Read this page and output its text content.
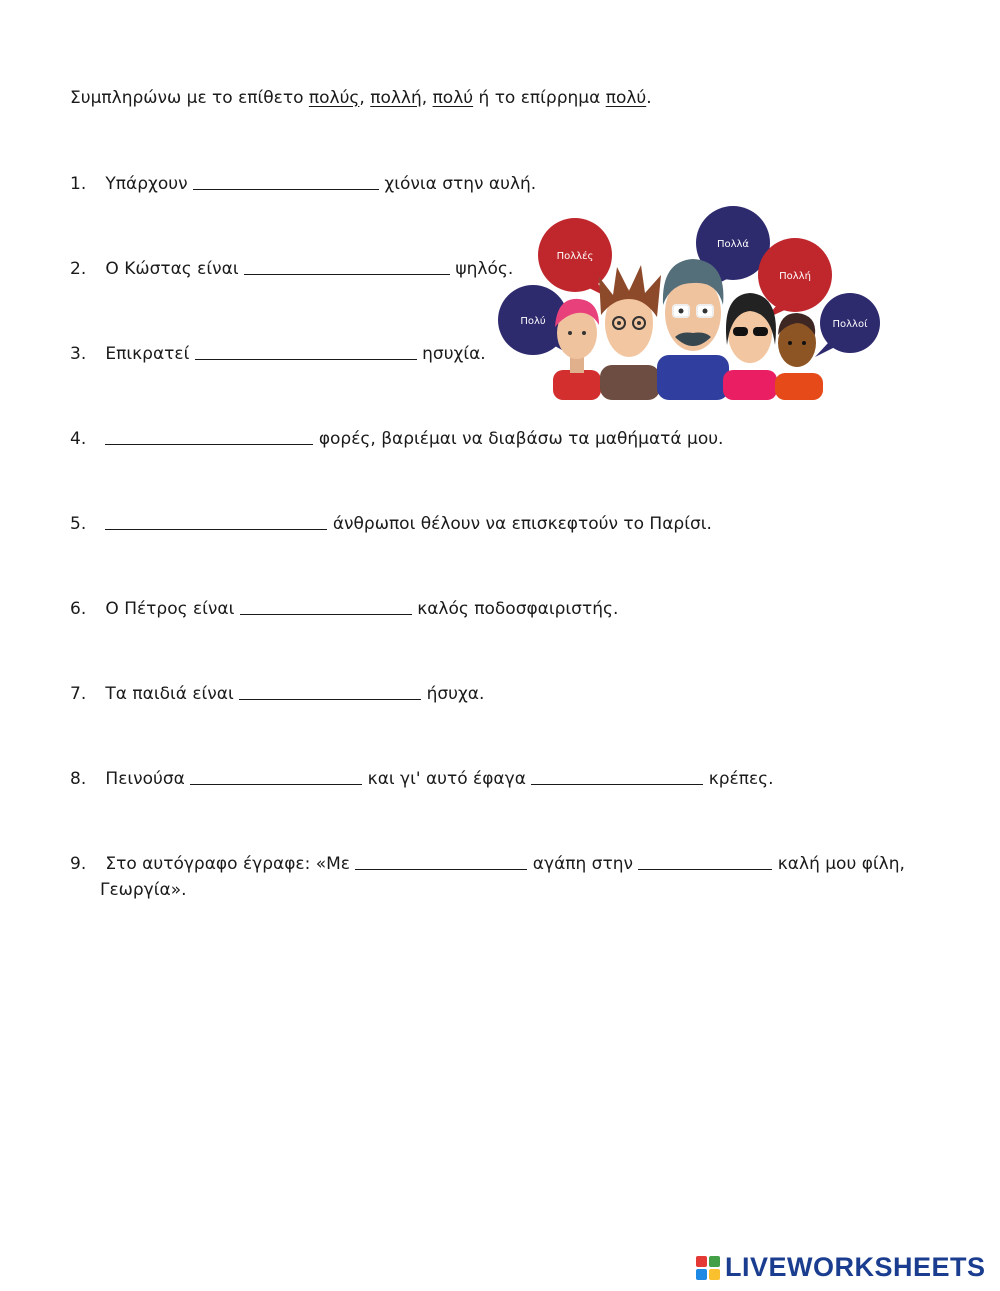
Συμπληρώνω με το επίθετο πολύς, πολλή, πολύ ή το επίρρημα πολύ.
1. Υπάρχουν	χιόνια στην αυλή.
2. Ο Κώστας είναι	ψηλός.
3. Επικρατεί	ησυχία.
4.	φορές, βαριέμαι να διαβάσω τα μαθήματά μου.
5.	άνθρωποι θέλουν να επισκεφτούν το Παρίσι.
6. Ο Πέτρος είναι	καλός ποδοσφαιριστής.
7. Τα παιδιά είναι	ήσυχα.
8. Πεινούσα	και γι' αυτό έφαγα	κρέπες.
9. Στο αυτόγραφο έγραφε: «Με	αγάπη στην	καλή μου φίλη,
Γεωργία».
Πολλές
Πολλά
Πολλή
Πολύ	Πολλοί
LIVEWORKSHEETS
